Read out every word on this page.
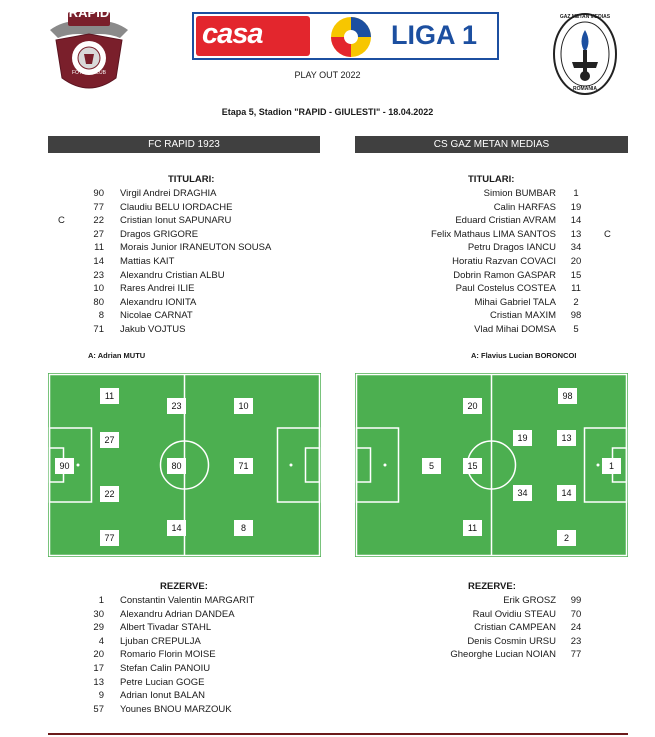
RAPID
FOTBAL CLUB
casa	LIGA 1
GAZ METAN MEDIAS
ROMANIA
PLAY OUT 2022
Etapa 5, Stadion "RAPID - GIULESTI" - 18.04.2022
FC RAPID 1923	CS GAZ METAN MEDIAS
TITULARI:	TITULARI:
90 Virgil Andrei DRAGHIA
77 Claudiu BELU IORDACHE
C	22 Cristian Ionut SAPUNARU
27 Dragos GRIGORE
11 Morais Junior IRANEUTON SOUSA
14 Mattias KAIT
23 Alexandru Cristian ALBU
10 Rares Andrei ILIE
80 Alexandru IONITA
8 Nicolae CARNAT
71 Jakub VOJTUS
Simion BUMBAR	1
Calin HARFAS	19
Eduard Cristian AVRAM	14
Felix Mathaus LIMA SANTOS	13	C
Petru Dragos IANCU	34
Horatiu Razvan COVACI	20
Dobrin Ramon GASPAR	15
Paul Costelus COSTEA	11
Mihai Gabriel TALA	2
Cristian MAXIM	98
Vlad Mihai DOMSA	5
A: Adrian MUTU	A: Flavius Lucian BORONCOI
11
23	10
27
90	80	71
22
14	8
77
20
98
19	13
5	15	1
34	14
11
2
REZERVE:	REZERVE:
1 Constantin Valentin MARGARIT
30 Alexandru Adrian DANDEA
29 Albert Tivadar STAHL
4 Ljuban CREPULJA
20 Romario Florin MOISE
17 Stefan Calin PANOIU
13 Petre Lucian GOGE
9 Adrian Ionut BALAN
57 Younes BNOU MARZOUK
Erik GROSZ	99
Raul Ovidiu STEAU	70
Cristian CAMPEAN	24
Denis Cosmin URSU	23
Gheorghe Lucian NOIAN	77
